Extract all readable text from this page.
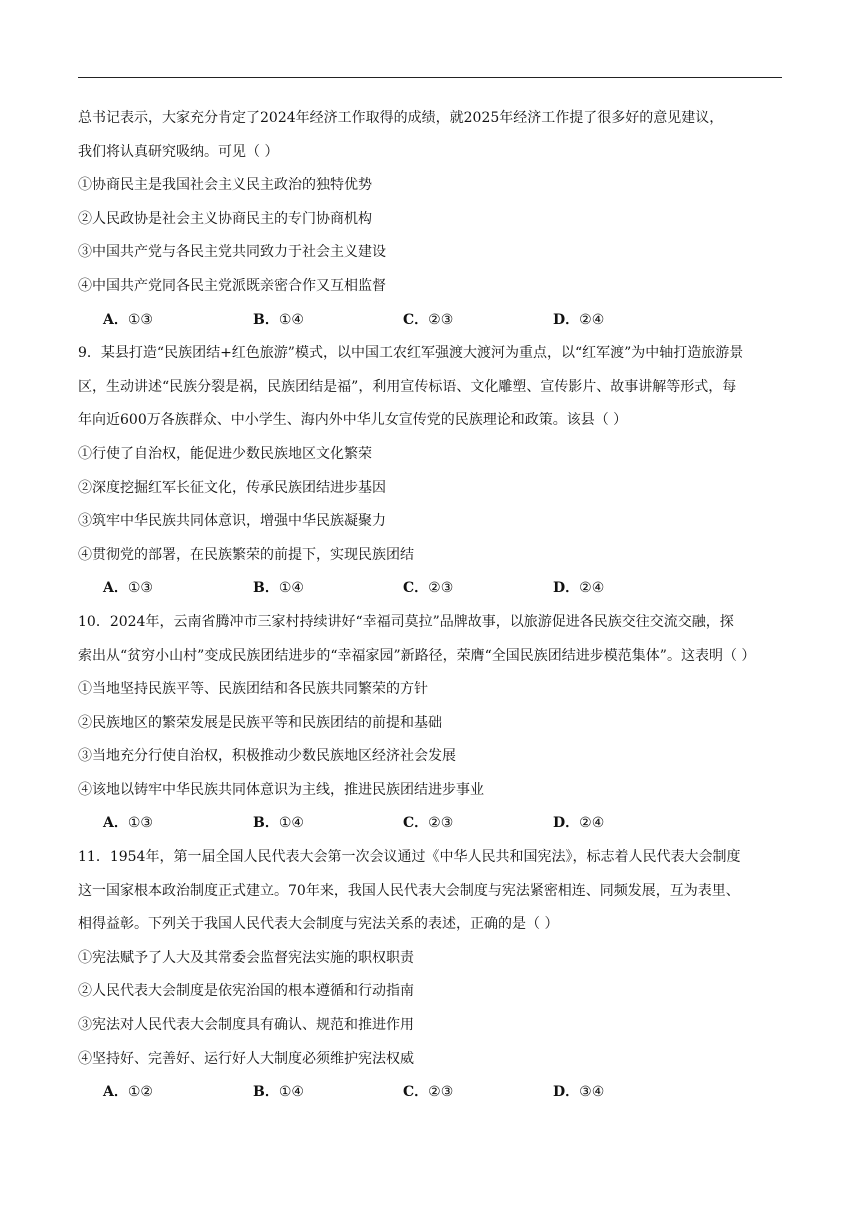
总书记表示，大家充分肯定了2024年经济工作取得的成绩，就2025年经济工作提了很多好的意见建议，
我们将认真研究吸纳。可见（ ）
①协商民主是我国社会主义民主政治的独特优势
②人民政协是社会主义协商民主的专门协商机构
③中国共产党与各民主党共同致力于社会主义建设
④中国共产党同各民主党派既亲密合作又互相监督
A．①③	B．①④	C．②③	D．②④
9．某县打造“民族团结+红色旅游”模式，以中国工农红军强渡大渡河为重点，以“红军渡”为中轴打造旅游景
区，生动讲述“民族分裂是祸，民族团结是福”，利用宣传标语、文化雕塑、宣传影片、故事讲解等形式，每
年向近600万各族群众、中小学生、海内外中华儿女宣传党的民族理论和政策。该县（ ）
①行使了自治权，能促进少数民族地区文化繁荣
②深度挖掘红军长征文化，传承民族团结进步基因
③筑牢中华民族共同体意识，增强中华民族凝聚力
④贯彻党的部署，在民族繁荣的前提下，实现民族团结
A．①③	B．①④	C．②③	D．②④
10．2024年，云南省腾冲市三家村持续讲好“幸福司莫拉”品牌故事，以旅游促进各民族交往交流交融，探
索出从“贫穷小山村”变成民族团结进步的“幸福家园”新路径，荣膺“全国民族团结进步模范集体”。这表明（ ）
①当地坚持民族平等、民族团结和各民族共同繁荣的方针
②民族地区的繁荣发展是民族平等和民族团结的前提和基础
③当地充分行使自治权，积极推动少数民族地区经济社会发展
④该地以铸牢中华民族共同体意识为主线，推进民族团结进步事业
A．①③	B．①④	C．②③	D．②④
11．1954年，第一届全国人民代表大会第一次会议通过《中华人民共和国宪法》，标志着人民代表大会制度
这一国家根本政治制度正式建立。70年来，我国人民代表大会制度与宪法紧密相连、同频发展，互为表里、
相得益彰。下列关于我国人民代表大会制度与宪法关系的表述，正确的是（ ）
①宪法赋予了人大及其常委会监督宪法实施的职权职责
②人民代表大会制度是依宪治国的根本遵循和行动指南
③宪法对人民代表大会制度具有确认、规范和推进作用
④坚持好、完善好、运行好人大制度必须维护宪法权威
A．①②	B．①④	C．②③	D．③④
